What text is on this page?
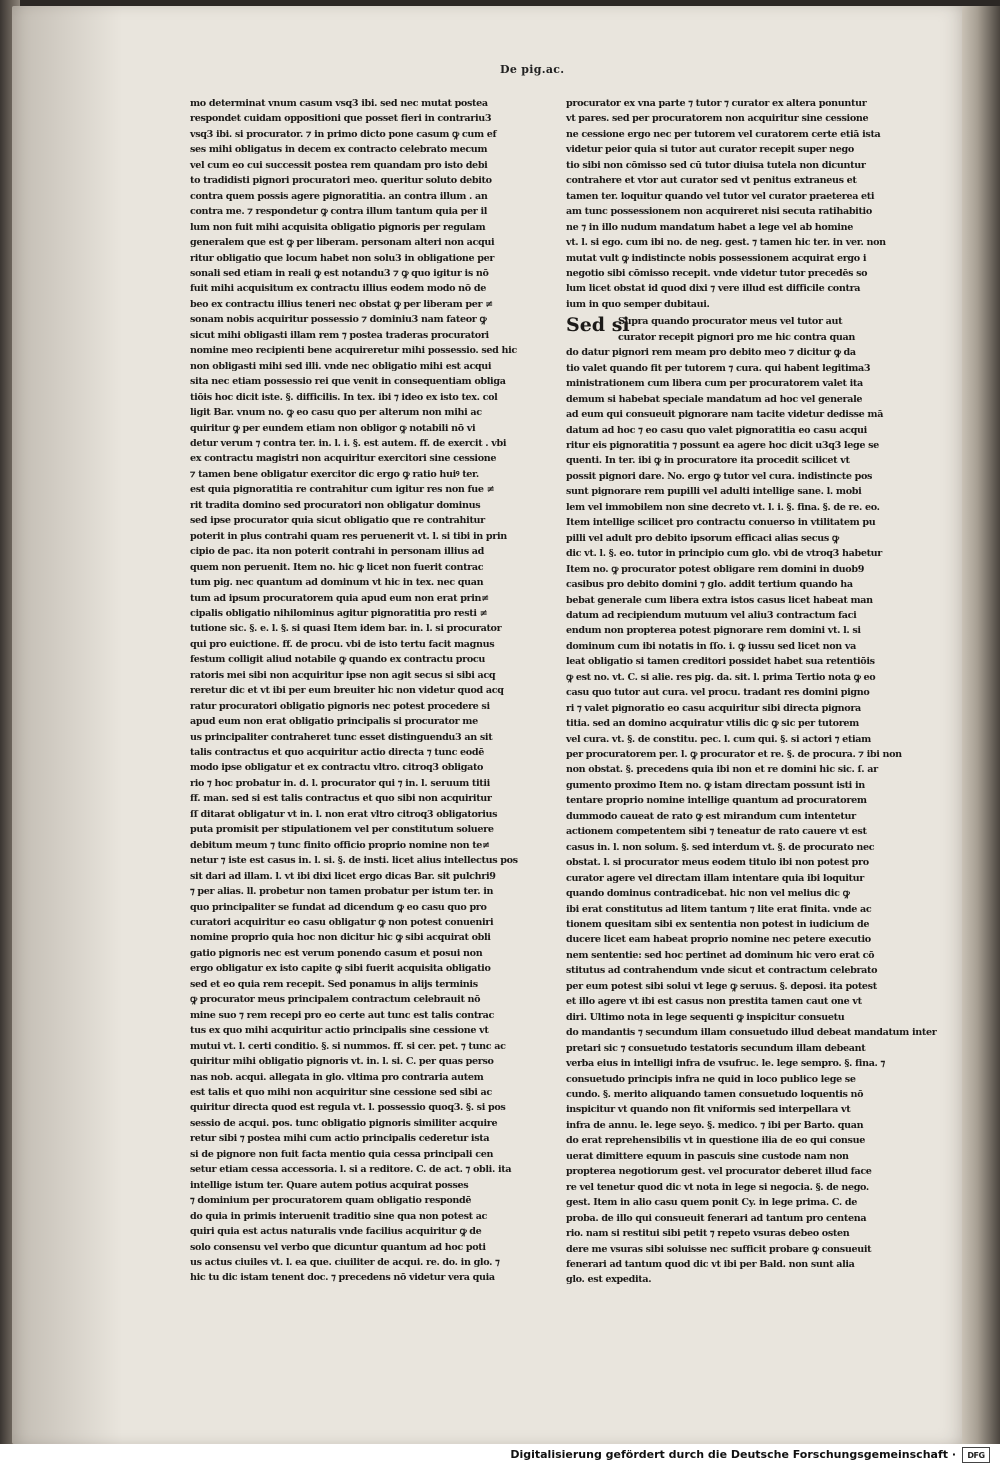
De pig.ac.
mo determinat vnum casum vsq3 ibi. sed nec mutat postea
respondet cuidam oppositioni que posset fieri in contrariu3
vsq3 ibi. si procurator. ⁊ in primo dicto pone casum ꝙ cum ef
ses mihi obligatus in decem ex contracto celebrato mecum
vel cum eo cui successit postea rem quandam pro isto debi
to tradidisti pignori procuratori meo. queritur soluto debito
contra quem possis agere pignoratitia. an contra illum . an
contra me. ⁊ respondetur ꝙ contra illum tantum quia per il
lum non fuit mihi acquisita obligatio pignoris per regulam
generalem que est ꝙ per liberam. personam alteri non acqui
ritur obligatio que locum habet non solu3 in obligatione per
sonali sed etiam in reali ꝙ est notandu3 ⁊ ꝙ quo igitur is nō
fuit mihi acquisitum ex contractu illius eodem modo nō de
beo ex contractu illius teneri nec obstat ꝙ per liberam per ≠
sonam nobis acquiritur possessio ⁊ dominiu3 nam fateor ꝙ
sicut mihi obligasti illam rem ⁊ postea traderas procuratori
nomine meo recipienti bene acquireretur mihi possessio. sed hic
non obligasti mihi sed illi. vnde nec obligatio mihi est acqui
sita nec etiam possessio rei que venit in consequentiam obliga
tiōis hoc dicit iste. §. difficilis. In tex. ibi ⁊ ideo ex isto tex. col
ligit Bar. vnum no. ꝙ eo casu quo per alterum non mihi ac
quiritur ꝙ per eundem etiam non obligor ꝙ notabili nō vi
detur verum ⁊ contra ter. in. l. i. §. est autem. ff. de exercit . vbi
ex contractu magistri non acquiritur exercitori sine cessione
⁊ tamen bene obligatur exercitor dic ergo ꝙ ratio huiꝰ ter.
est quia pignoratitia re contrahitur cum igitur res non fue ≠
rit tradita domino sed procuratori non obligatur dominus
sed ipse procurator quia sicut obligatio que re contrahitur
poterit in plus contrahi quam res peruenerit vt. l. si tibi in prin
cipio de pac. ita non poterit contrahi in personam illius ad
quem non peruenit. Item no. hic ꝙ licet non fuerit contrac
tum pig. nec quantum ad dominum vt hic in tex. nec quan
tum ad ipsum procuratorem quia apud eum non erat prin≠
cipalis obligatio nihilominus agitur pignoratitia pro resti ≠
tutione sic. §. e. l. §. si quasi Item idem bar. in. l. si procurator
qui pro euictione. ff. de procu. vbi de isto tertu facit magnus
festum colligit aliud notabile ꝙ quando ex contractu procu
ratoris mei sibi non acquiritur ipse non agit secus si sibi acq
reretur dic et vt ibi per eum breuiter hic non videtur quod acq
ratur procuratori obligatio pignoris nec potest procedere si
apud eum non erat obligatio principalis si procurator me
us principaliter contraheret tunc esset distinguendu3 an sit
talis contractus et quo acquiritur actio directa ⁊ tunc eodē
modo ipse obligatur et ex contractu vltro. citroq3 obligato
rio ⁊ hoc probatur in. d. l. procurator qui ⁊ in. l. seruum titii
ff. man. sed si est talis contractus et quo sibi non acquiritur
ſſ ditarat obligatur vt in. l. non erat vltro citroq3 obligatorius
puta promisit per stipulationem vel per constitutum soluere
debitum meum ⁊ tunc finito officio proprio nomine non te≠
netur ⁊ iste est casus in. l. si. §. de insti. licet alius intellectus pos
sit dari ad illam. l. vt ibi dixi licet ergo dicas Bar. sit pulchri9
⁊ per alias. ll. probetur non tamen probatur per istum ter. in
quo principaliter se fundat ad dicendum ꝙ eo casu quo pro
curatori acquiritur eo casu obligatur ꝙ non potest conueniri
nomine proprio quia hoc non dicitur hic ꝙ sibi acquirat obli
gatio pignoris nec est verum ponendo casum et posui non
ergo obligatur ex isto capite ꝙ sibi fuerit acquisita obligatio
sed et eo quia rem recepit. Sed ponamus in alijs terminis
ꝙ procurator meus principalem contractum celebrauit nō
mine suo ⁊ rem recepi pro eo certe aut tunc est talis contrac
tus ex quo mihi acquiritur actio principalis sine cessione vt
mutui vt. l. certi conditio. §. si nummos. ff. si cer. pet. ⁊ tunc ac
quiritur mihi obligatio pignoris vt. in. l. si. C. per quas perso
nas nob. acqui. allegata in glo. vltima pro contraria autem
est talis et quo mihi non acquiritur sine cessione sed sibi ac
quiritur directa quod est regula vt. l. possessio quoq3. §. si pos
sessio de acqui. pos. tunc obligatio pignoris similiter acquire
retur sibi ⁊ postea mihi cum actio principalis cederetur ista
si de pignore non fuit facta mentio quia cessa principali cen
setur etiam cessa accessoria. l. si a reditore. C. de act. ⁊ obli. ita
intellige istum ter. Quare autem potius acquirat posses
⁊ dominium per procuratorem quam obligatio respondē
do quia in primis interuenit traditio sine qua non potest ac
quiri quia est actus naturalis vnde facilius acquiritur ꝙ de
solo consensu vel verbo que dicuntur quantum ad hoc poti
us actus ciuiles vt. l. ea que. ciuiliter de acqui. re. do. in glo. ⁊
hic tu dic istam tenent doc. ⁊ precedens nō videtur vera quia
procurator ex vna parte ⁊ tutor ⁊ curator ex altera ponuntur
vt pares. sed per procuratorem non acquiritur sine cessione
ne cessione ergo nec per tutorem vel curatorem certe etiā ista
videtur peior quia si tutor aut curator recepit super nego
tio sibi non cōmisso sed cū tutor diuisa tutela non dicuntur
contrahere et vtor aut curator sed vt penitus extraneus et
tamen ter. loquitur quando vel tutor vel curator praeterea eti
am tunc possessionem non acquireret nisi secuta ratihabitio
ne ⁊ in illo nudum mandatum habet a lege vel ab homine
vt. l. si ego. cum ibi no. de neg. gest. ⁊ tamen hic ter. in ver. non
mutat vult ꝙ indistincte nobis possessionem acquirat ergo i
negotio sibi cōmisso recepit. vnde videtur tutor precedēs so
lum licet obstat id quod dixi ⁊ vere illud est difficile contra
ium in quo semper dubitaui.
Sed si
Supra quando procurator meus vel tutor aut
curator recepit pignori pro me hic contra quan
do datur pignori rem meam pro debito meo ⁊ dicitur ꝙ da
tio valet quando fit per tutorem ⁊ cura. qui habent legitima3
ministrationem cum libera cum per procuratorem valet ita
demum si habebat speciale mandatum ad hoc vel generale
ad eum qui consueuit pignorare nam tacite videtur dedisse mā
datum ad hoc ⁊ eo casu quo valet pignoratitia eo casu acqui
ritur eis pignoratitia ⁊ possunt ea agere hoc dicit u3q3 lege se
quenti. In ter. ibi ꝙ in procuratore ita procedit scilicet vt
possit pignori dare. No. ergo ꝙ tutor vel cura. indistincte pos
sunt pignorare rem pupilli vel adulti intellige sane. l. mobi
lem vel immobilem non sine decreto vt. l. i. §. fina. §. de re. eo.
Item intellige scilicet pro contractu conuerso in vtilitatem pu
pilli vel adult pro debito ipsorum efficaci alias secus ꝙ
dic vt. l. §. eo. tutor in principio cum glo. vbi de vtroq3 habetur
Item no. ꝙ procurator potest obligare rem domini in duob9
casibus pro debito domini ⁊ glo. addit tertium quando ha
bebat generale cum libera extra istos casus licet habeat man
datum ad recipiendum mutuum vel aliu3 contractum faci
endum non propterea potest pignorare rem domini vt. l. si
dominum cum ibi notatis in ſſo. i. ꝙ iussu sed licet non va
leat obligatio si tamen creditori possidet habet sua retentiōis
ꝙ est no. vt. C. si alie. res pig. da. sit. l. prima Tertio nota ꝙ eo
casu quo tutor aut cura. vel procu. tradant res domini pigno
ri ⁊ valet pignoratio eo casu acquiritur sibi directa pignora
titia. sed an domino acquiratur vtilis dic ꝙ sic per tutorem
vel cura. vt. §. de constitu. pec. l. cum qui. §. si actori ⁊ etiam
per procuratorem per. l. ꝙ procurator et re. §. de procura. ⁊ ibi non
non obstat. §. precedens quia ibi non et re domini hic sic. ſ. ar
gumento proximo Item no. ꝙ istam directam possunt isti in
tentare proprio nomine intellige quantum ad procuratorem
dummodo caueat de rato ꝙ est mirandum cum intentetur
actionem competentem sibi ⁊ teneatur de rato cauere vt est
casus in. l. non solum. §. sed interdum vt. §. de procurato nec
obstat. l. si procurator meus eodem titulo ibi non potest pro
curator agere vel directam illam intentare quia ibi loquitur
quando dominus contradicebat. hic non vel melius dic ꝙ
ibi erat constitutus ad litem tantum ⁊ lite erat finita. vnde ac
tionem quesitam sibi ex sententia non potest in iudicium de
ducere licet eam habeat proprio nomine nec petere executio
nem sententie: sed hoc pertinet ad dominum hic vero erat cō
stitutus ad contrahendum vnde sicut et contractum celebrato
per eum potest sibi solui vt lege ꝙ seruus. §. deposi. ita potest
et illo agere vt ibi est casus non prestita tamen caut one vt
diri. Ultimo nota in lege sequenti ꝙ inspicitur consuetu
do mandantis ⁊ secundum illam consuetudo illud debeat mandatum inter
pretari sic ⁊ consuetudo testatoris secundum illam debeant
verba eius in intelligi infra de vsufruc. le. lege sempro. §. fina. ⁊
consuetudo principis infra ne quid in loco publico lege se
cundo. §. merito aliquando tamen consuetudo loquentis nō
inspicitur vt quando non fit vniformis sed interpellara vt
infra de annu. le. lege seyo. §. medico. ⁊ ibi per Barto. quan
do erat reprehensibilis vt in questione ilia de eo qui consue
uerat dimittere equum in pascuis sine custode nam non
propterea negotiorum gest. vel procurator deberet illud face
re vel tenetur quod dic vt nota in lege si negocia. §. de nego.
gest. Item in alio casu quem ponit Cy. in lege prima. C. de
proba. de illo qui consueuit fenerari ad tantum pro centena
rio. nam si restitui sibi petit ⁊ repeto vsuras debeo osten
dere me vsuras sibi soluisse nec sufficit probare ꝙ consueuit
fenerari ad tantum quod dic vt ibi per Bald. non sunt alia
glo. est expedita.
Digitalisierung gefördert durch die Deutsche Forschungsgemeinschaft ·	DFG
